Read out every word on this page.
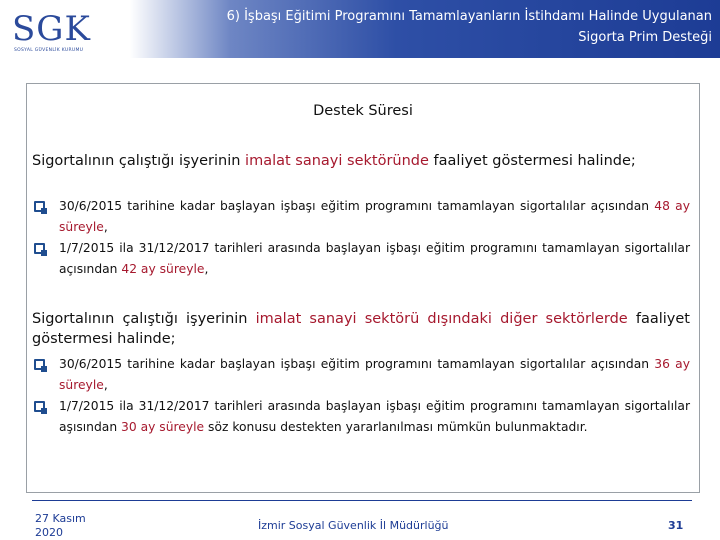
SGK
SOSYAL GÜVENLİK KURUMU
6) İşbaşı Eğitimi Programını Tamamlayanların İstihdamı Halinde Uygulanan
Sigorta Prim Desteği
Destek Süresi
Sigortalının çalıştığı işyerinin imalat sanayi sektöründe faaliyet göstermesi halinde;
30/6/2015 tarihine kadar başlayan işbaşı eğitim programını tamamlayan sigortalılar açısından 48 ay süreyle,
1/7/2015 ila 31/12/2017 tarihleri arasında başlayan işbaşı eğitim programını tamamlayan sigortalılar açısından 42 ay süreyle,
Sigortalının çalıştığı işyerinin imalat sanayi sektörü dışındaki diğer sektörlerde faaliyet göstermesi halinde;
30/6/2015 tarihine kadar başlayan işbaşı eğitim programını tamamlayan sigortalılar açısından 36 ay süreyle,
1/7/2015 ila 31/12/2017 tarihleri arasında başlayan işbaşı eğitim programını tamamlayan sigortalılar aşısından 30 ay süreyle söz konusu destekten yararlanılması mümkün bulunmaktadır.
27 Kasım
2020
İzmir Sosyal Güvenlik İl Müdürlüğü	31
